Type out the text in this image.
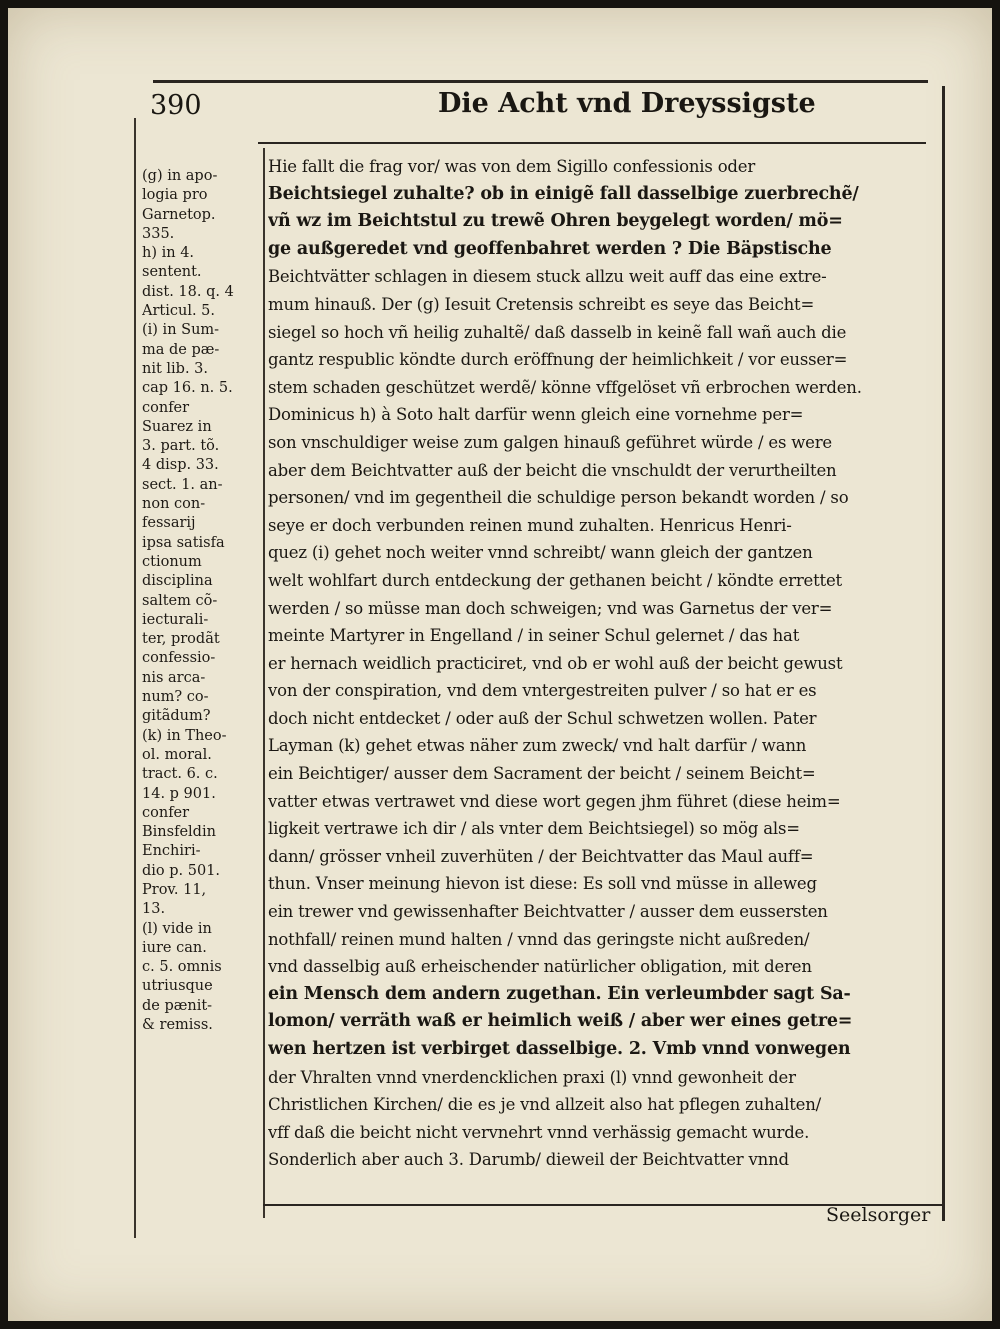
390	Die Acht vnd Dreyssigste
(g) in apo-
logia pro
Garnetop.
335.
h) in 4.
sentent.
dist. 18. q. 4
Articul. 5.
(i) in Sum-
ma de pæ-
nit lib. 3.
cap 16. n. 5.
confer
Suarez in
3. part. tõ.
4 disp. 33.
sect. 1. an-
non con-
fessarij
ipsa satisfa
ctionum
disciplina
saltem cõ-
iecturali-
ter, prodãt
confessio-
nis arca-
num? co-
gitãdum?
(k) in Theo-
ol. moral.
tract. 6. c.
14. p 901.
confer
Binsfeldin
Enchiri-
dio p. 501.
Prov. 11,
13.
(l) vide in
iure can.
c. 5. omnis
utriusque
de pænit-
& remiss.
Hie fallt die frag vor/ was von dem Sigillo confessionis oder
Beichtsiegel zuhalte? ob in einigẽ fall dasselbige zuerbrechẽ/
vñ wz im Beichtstul zu trewẽ Ohren beygelegt worden/ mö=
ge außgeredet vnd geoffenbahret werden ? Die Bäpstische
Beichtvätter schlagen in diesem stuck allzu weit auff das eine extre-
mum hinauß. Der (g) Iesuit Cretensis schreibt es seye das Beicht=
siegel so hoch vñ heilig zuhaltẽ/ daß dasselb in keinẽ fall wañ auch die
gantz respublic köndte durch eröffnung der heimlichkeit / vor eusser=
stem schaden geschützet werdẽ/ könne vffgelöset vñ erbrochen werden.
Dominicus h) à Soto halt darfür wenn gleich eine vornehme per=
son vnschuldiger weise zum galgen hinauß geführet würde / es were
aber dem Beichtvatter auß der beicht die vnschuldt der verurtheilten
personen/ vnd im gegentheil die schuldige person bekandt worden / so
seye er doch verbunden reinen mund zuhalten. Henricus Henri-
quez (i) gehet noch weiter vnnd schreibt/ wann gleich der gantzen
welt wohlfart durch entdeckung der gethanen beicht / köndte errettet
werden / so müsse man doch schweigen; vnd was Garnetus der ver=
meinte Martyrer in Engelland / in seiner Schul gelernet / das hat
er hernach weidlich practiciret, vnd ob er wohl auß der beicht gewust
von der conspiration, vnd dem vntergestreiten pulver / so hat er es
doch nicht entdecket / oder auß der Schul schwetzen wollen. Pater
Layman (k) gehet etwas näher zum zweck/ vnd halt darfür / wann
ein Beichtiger/ ausser dem Sacrament der beicht / seinem Beicht=
vatter etwas vertrawet vnd diese wort gegen jhm führet (diese heim=
ligkeit vertrawe ich dir / als vnter dem Beichtsiegel) so mög als=
dann/ grösser vnheil zuverhüten / der Beichtvatter das Maul auff=
thun. Vnser meinung hievon ist diese: Es soll vnd müsse in alleweg
ein trewer vnd gewissenhafter Beichtvatter / ausser dem eussersten
nothfall/ reinen mund halten / vnnd das geringste nicht außreden/
vnd dasselbig auß erheischender natürlicher obligation, mit deren
ein Mensch dem andern zugethan. Ein verleumbder sagt Sa-
lomon/ verräth waß er heimlich weiß / aber wer eines getre=
wen hertzen ist verbirget dasselbige. 2. Vmb vnnd vonwegen
der Vhralten vnnd vnerdencklichen praxi (l) vnnd gewonheit der
Christlichen Kirchen/ die es je vnd allzeit also hat pflegen zuhalten/
vff daß die beicht nicht vervnehrt vnnd verhässig gemacht wurde.
Sonderlich aber auch 3. Darumb/ dieweil der Beichtvatter vnnd
Seelsorger
